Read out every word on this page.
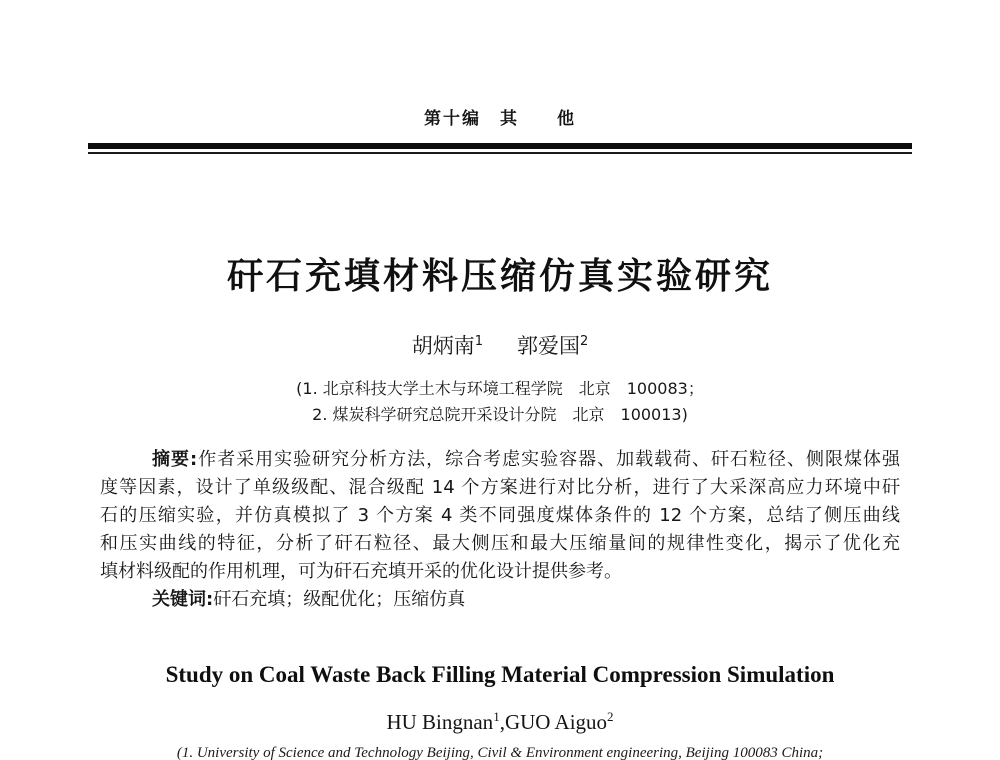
第十编　其　　他
矸石充填材料压缩仿真实验研究
胡炳南$^1$ 郭爱国$^2$
(1. 北京科技大学土木与环境工程学院　北京　100083；
2. 煤炭科学研究总院开采设计分院　北京　100013)
摘要:作者采用实验研究分析方法，综合考虑实验容器、加载载荷、矸石粒径、侧限煤体强
度等因素，设计了单级级配、混合级配 14 个方案进行对比分析，进行了大采深高应力环境中矸
石的压缩实验，并仿真模拟了 3 个方案 4 类不同强度煤体条件的 12 个方案，总结了侧压曲线
和压实曲线的特征，分析了矸石粒径、最大侧压和最大压缩量间的规律性变化，揭示了优化充
填材料级配的作用机理，可为矸石充填开采的优化设计提供参考。
关键词:矸石充填；级配优化；压缩仿真
Study on Coal Waste Back Filling Material Compression Simulation
HU Bingnan$^1$,GUO Aiguo$^2$
(1. University of Science and Technology Beijing, Civil & Environment engineering, Beijing 100083 China;
